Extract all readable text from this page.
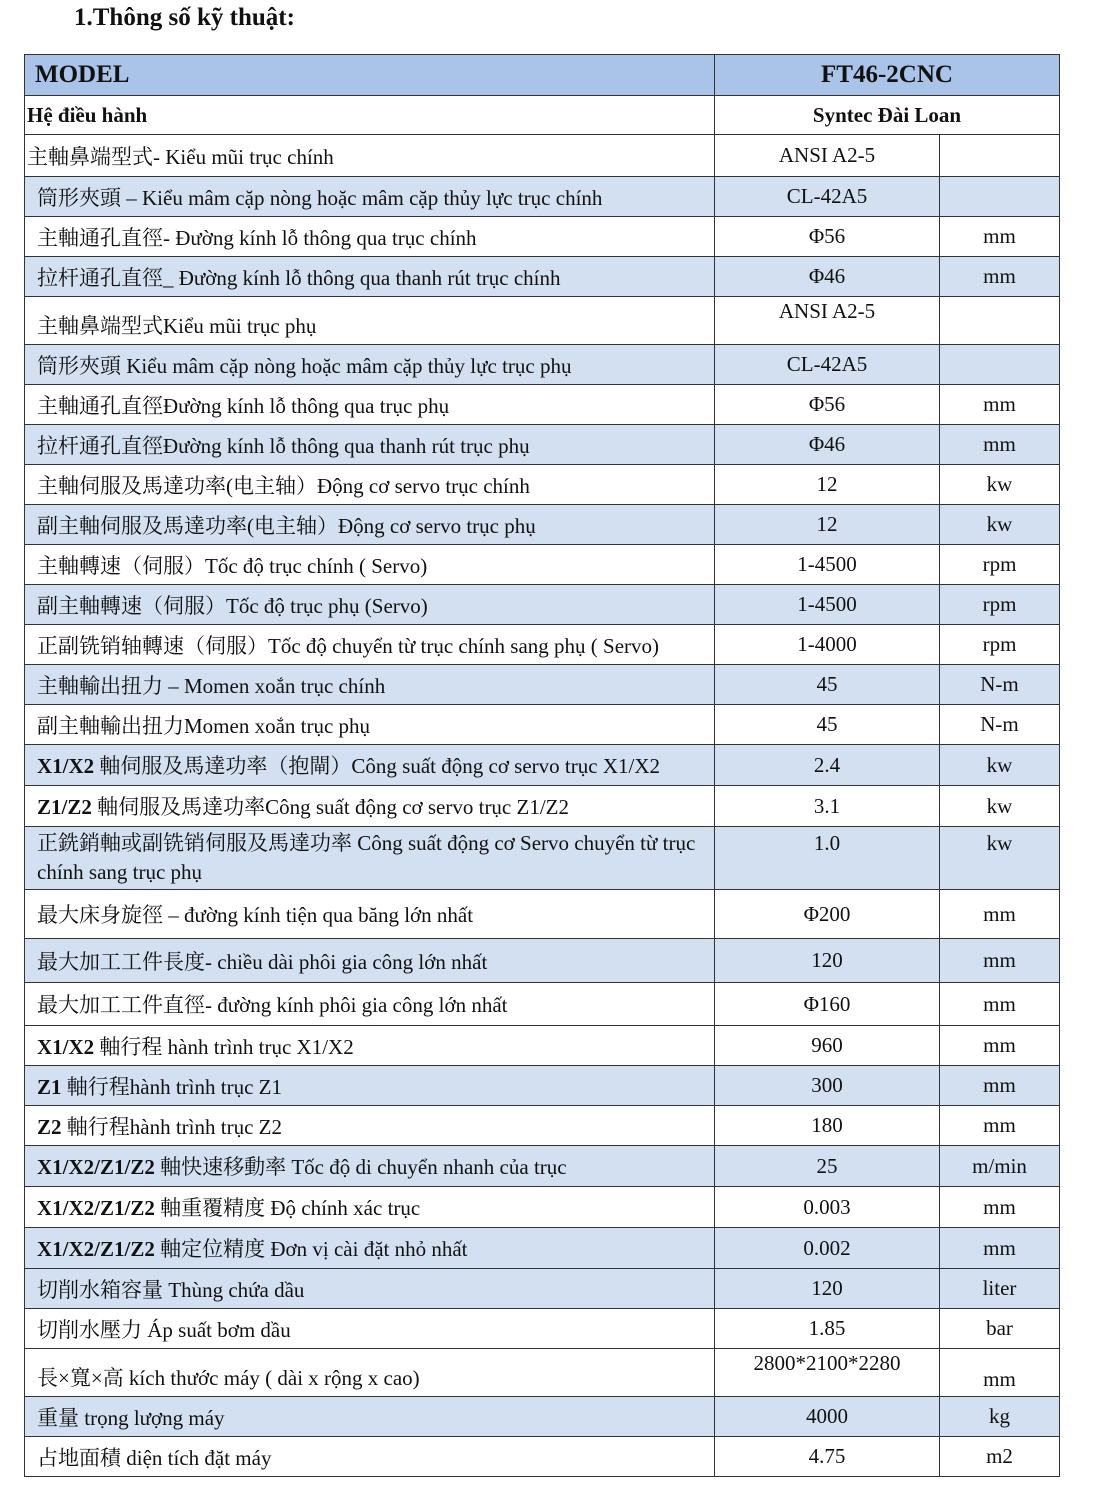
1.Thông số kỹ thuật:
MODEL	FT46-2CNC	
Hệ điều hành	Syntec Đài Loan	
主軸鼻端型式- Kiểu mũi trục chính	ANSI A2-5	
筒形夾頭 – Kiểu mâm cặp nòng hoặc mâm cặp thủy lực trục chính	CL-42A5	
主軸通孔直徑- Đường kính lỗ thông qua trục chính	Φ56	mm
拉杆通孔直徑_ Đường kính lỗ thông qua thanh rút trục chính	Φ46	mm
主軸鼻端型式Kiểu mũi trục phụ	ANSI A2-5	
筒形夾頭 Kiểu mâm cặp nòng hoặc mâm cặp thủy lực trục phụ	CL-42A5	
主軸通孔直徑Đường kính lỗ thông qua trục phụ	Φ56	mm
拉杆通孔直徑Đường kính lỗ thông qua thanh rút trục phụ	Φ46	mm
主軸伺服及馬達功率(电主轴）Động cơ servo trục chính	12	kw
副主軸伺服及馬達功率(电主轴）Động cơ servo trục phụ	12	kw
主軸轉速（伺服）Tốc độ trục chính ( Servo)	1-4500	rpm
副主軸轉速（伺服）Tốc độ trục phụ (Servo)	1-4500	rpm
正副铣销轴轉速（伺服）Tốc độ chuyển từ trục chính sang phụ ( Servo)	1-4000	rpm
主軸輸出扭力 – Momen xoắn trục chính	45	N-m
副主軸輸出扭力Momen xoắn trục phụ	45	N-m
X1/X2 軸伺服及馬達功率（抱閘）Công suất động cơ servo trục X1/X2	2.4	kw
Z1/Z2 軸伺服及馬達功率Công suất động cơ servo trục Z1/Z2	3.1	kw
正銑銷軸或副铣销伺服及馬達功率 Công suất động cơ Servo chuyển từ trục chính sang trục phụ	1.0	kw
最大床身旋徑 – đường kính tiện qua băng lớn nhất	Φ200	mm
最大加工工件長度- chiều dài phôi gia công lớn nhất	120	mm
最大加工工件直徑- đường kính phôi gia công lớn nhất	Φ160	mm
X1/X2 軸行程 hành trình trục X1/X2	960	mm
Z1 軸行程hành trình trục Z1	300	mm
Z2 軸行程hành trình trục Z2	180	mm
X1/X2/Z1/Z2 軸快速移動率 Tốc độ di chuyển nhanh của trục	25	m/min
X1/X2/Z1/Z2 軸重覆精度 Độ chính xác trục	0.003	mm
X1/X2/Z1/Z2 軸定位精度 Đơn vị cài đặt nhỏ nhất	0.002	mm
切削水箱容量 Thùng chứa dầu	120	liter
切削水壓力 Áp suất bơm dầu	1.85	bar
長×寬×高 kích thước máy ( dài x rộng x cao)	2800*2100*2280	mm
重量 trọng lượng máy	4000	kg
占地面積 diện tích đặt máy	4.75	m2
